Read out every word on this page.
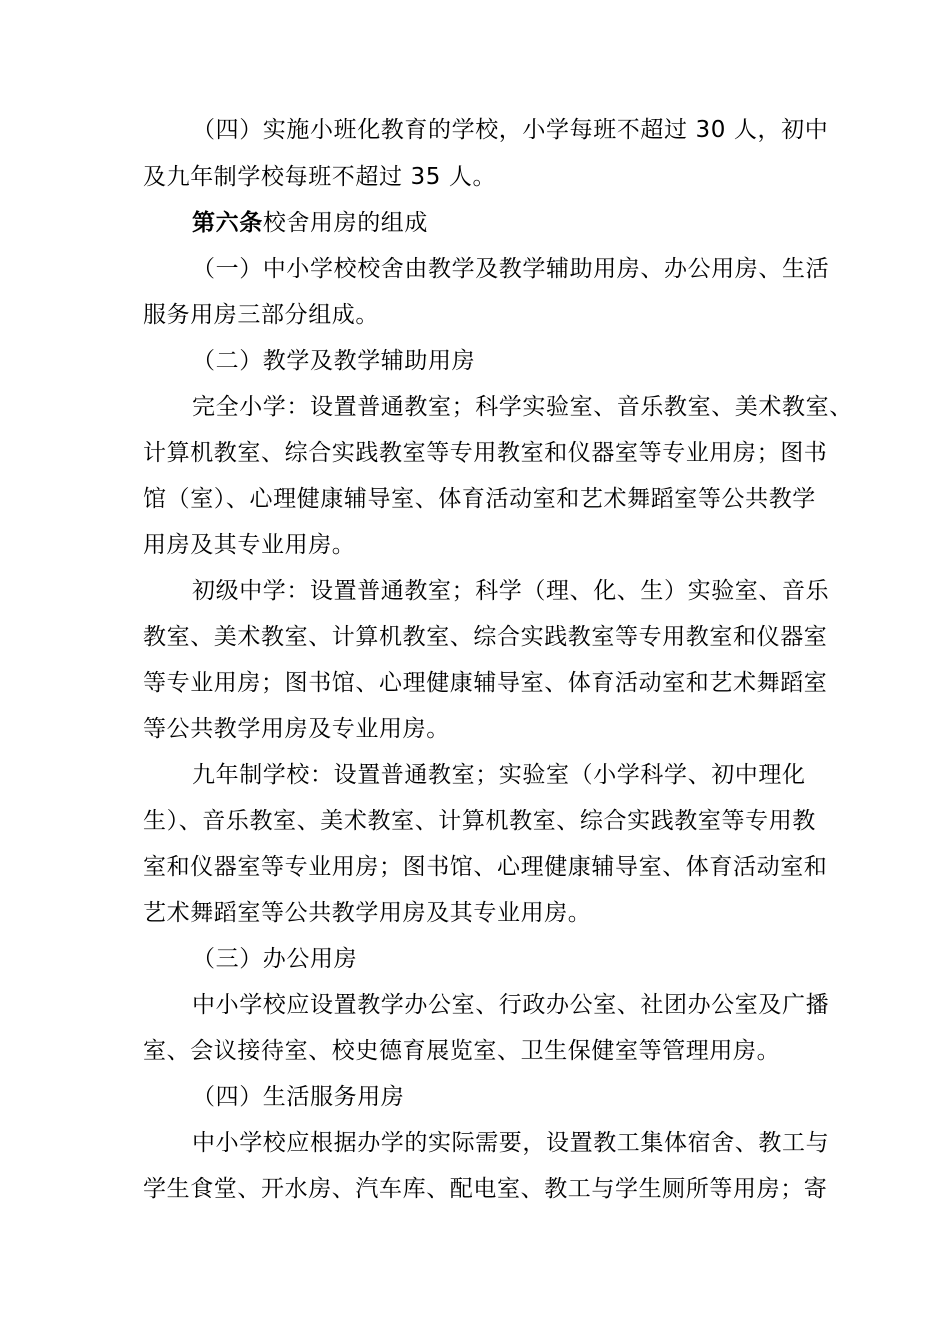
（四）实施小班化教育的学校，小学每班不超过 30 人，初中
及九年制学校每班不超过 35 人。
第六条校舍用房的组成
（一）中小学校校舍由教学及教学辅助用房、办公用房、生活
服务用房三部分组成。
（二）教学及教学辅助用房
完全小学：设置普通教室；科学实验室、音乐教室、美术教室、
计算机教室、综合实践教室等专用教室和仪器室等专业用房；图书
馆（室）、心理健康辅导室、体育活动室和艺术舞蹈室等公共教学
用房及其专业用房。
初级中学：设置普通教室；科学（理、化、生）实验室、音乐
教室、美术教室、计算机教室、综合实践教室等专用教室和仪器室
等专业用房；图书馆、心理健康辅导室、体育活动室和艺术舞蹈室
等公共教学用房及专业用房。
九年制学校：设置普通教室；实验室（小学科学、初中理化
生）、音乐教室、美术教室、计算机教室、综合实践教室等专用教
室和仪器室等专业用房；图书馆、心理健康辅导室、体育活动室和
艺术舞蹈室等公共教学用房及其专业用房。
（三）办公用房
中小学校应设置教学办公室、行政办公室、社团办公室及广播
室、会议接待室、校史德育展览室、卫生保健室等管理用房。
（四）生活服务用房
中小学校应根据办学的实际需要，设置教工集体宿舍、教工与
学生食堂、开水房、汽车库、配电室、教工与学生厕所等用房；寄
